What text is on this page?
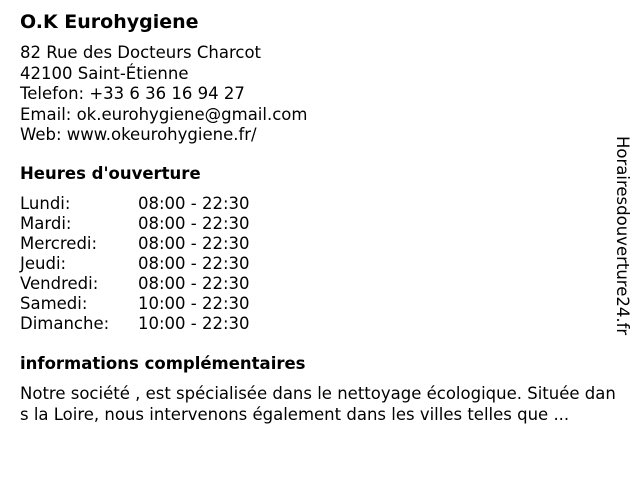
O.K Eurohygiene
82 Rue des Docteurs Charcot
42100 Saint-Étienne
Telefon: +33 6 36 16 94 27
Email: ok.eurohygiene@gmail.com
Web: www.okeurohygiene.fr/
Heures d'ouverture
Lundi:	08:00 - 22:30
Mardi:	08:00 - 22:30
Mercredi: 08:00 - 22:30
Jeudi:	08:00 - 22:30
Vendredi: 08:00 - 22:30
Samedi:	10:00 - 22:30
Dimanche: 10:00 - 22:30
informations complémentaires
Notre société , est spécialisée dans le nettoyage écologique. Située dans la Loire, nous intervenons également dans les villes telles que ...
Horairesdouverture24.fr
